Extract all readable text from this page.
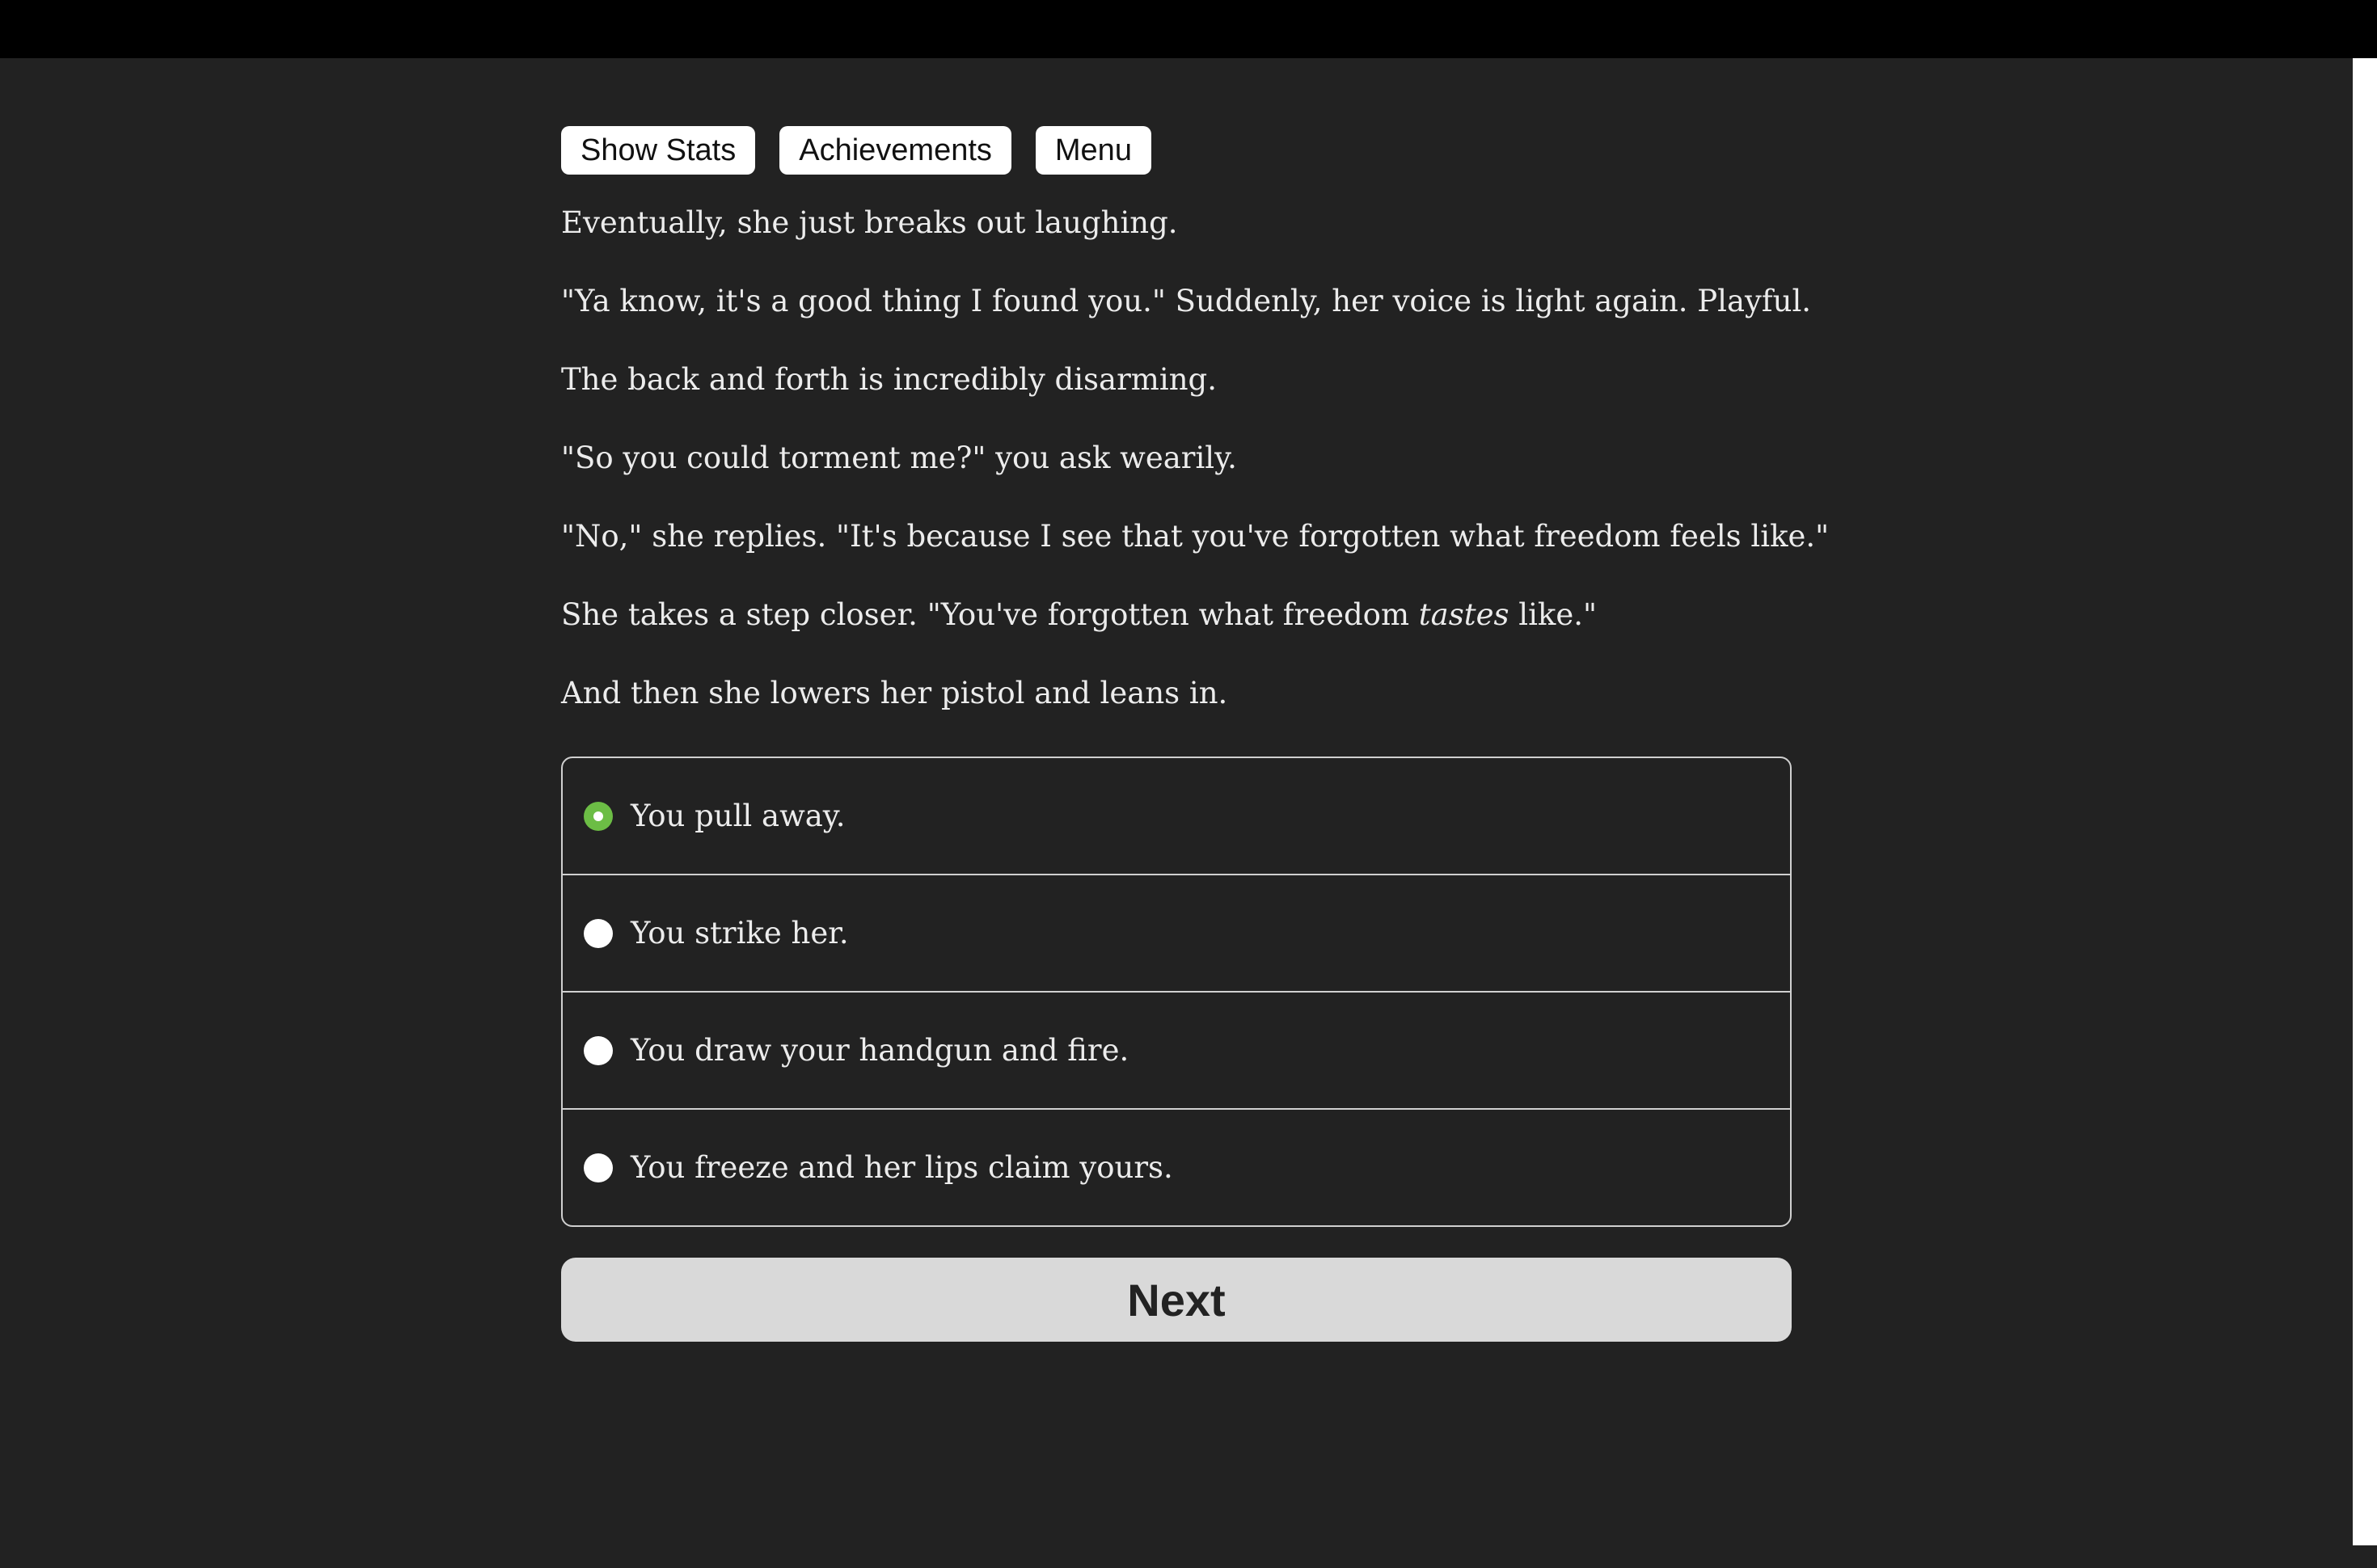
Show Stats	Achievements	Menu

Eventually, she just breaks out laughing.

"Ya know, it's a good thing I found you." Suddenly, her voice is light again. Playful.

The back and forth is incredibly disarming.

"So you could torment me?" you ask wearily.

"No," she replies. "It's because I see that you've forgotten what freedom feels like."

She takes a step closer. "You've forgotten what freedom tastes like."

And then she lowers her pistol and leans in.

You pull away.
You strike her.
You draw your handgun and fire.
You freeze and her lips claim yours.
Next
